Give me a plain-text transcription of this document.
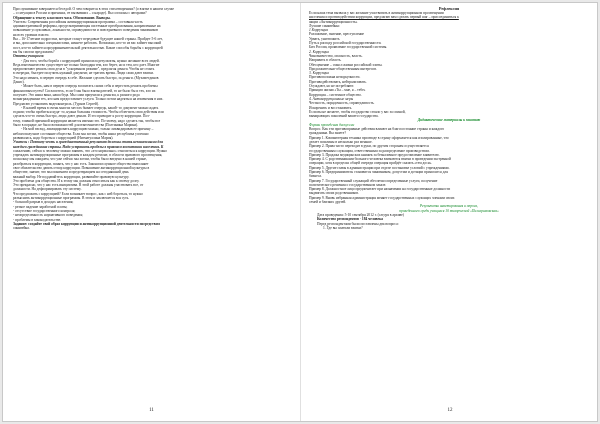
Прослушивание завершается беседой. О чем говорится в этих стихотворениях? (о взятке в нашем случае
– о ситуации в России и причинах, ее вызвавших – о народе). Вы согласны с авторами?
Обращение к тексту классного часа. Обоснование. Выводы.
Учитель: Современная российская антикоррупционная программа – составная часть
административной реформы, предусматривающая системные преобразования, направленные на
повышение услужливых, лояльности, справедливости и повседневного поведения чиновников
на всех уровнях власти.
Вы – 16-17летние подростки, которые станут передовые будущее нашей страны. Пройдет 5-6 лет,
и вы, дополнительно специалистами, начнете работать. Возможно, кто-то из вас займет высокий
пост, кто-то займется предпринимательской деятельностью. Какие способы борьбы с коррупцией
вы бы смогли предложить?
Ответы учащихся:
- Для того, чтобы борьба с коррупцией приносила результаты, нужно желание всех людей.
Ведь взяточничество существует не только благодаря тем, кто берет, но и тем, кто дает. Многие
предпочитают решать свои дела в "ускоренном режиме", предлагая деньги. Чтобы не стоять
в очередях, быстрее получить нужный документ, не тратить время. Люди сами дают взятки.
Это надо менять, в первую очередь в себе. Желание сделать быстро, за деньги. (Мухаметдинов
Данис).
- Может быть, нам в первую очередь воспитать самих себя и перестать решать проблемы
финансовым путем? Согласитесь, если б мы было взяткодателей, то не было бы и тех, кто их
получает. Это наша вина, наша беда. Мы сами приучили к деньгам, к разного рода
вознаграждениям тех, кто нам предоставляет услуги. Только потом надеяться на изменения в них.
Предлагаю установить видеоконтроль. (Гурков Сергей).
- В нашей время в очень многих местах бывает очередь, какой- то документ можно ждать
годами; чтобы пробиться куда- то, нужна большая стоимость. Чтобы облегчить свои действия или
сделать что-то очень быстро, люди дают деньги. И это приводит к росту коррупции. Поэ-
тому, главной причиной коррупции является именно это. По-моему, надо сделать так, чтобы все
было в порядке, не было возможностей для взяточничества (Полтинина Марина).
- На мой взгляд, ликвидировать коррупцию можно, только ликвидировав ее причину –
неблагополучное состояние общества. Если мы хотим, чтобы наша республика успешно
развивалась, надо бороться с коррупцией (Нигматуллина Мария).
Учитель : Поэтому честь и гражданственный результат должны стать независимыми для
каждого гражданина страны. Надо устранить пробелы в правовом воспитании населения. К
сожалению, сейчас к человеку можно заявить, что «это нормально» относиться к коррупции. Нужно
учреждать антикоррупционные программы в каждом регионе, в области правового просвещения,
поскольку мы ожидаем, что уже сейчас мы хотим, чтобы было введено в нашей стране,
разобраться в коррупции, понять, что у нас есть. Законопослушное общество выполняет
свое обязательство давать отпор коррупции. Повышение антикоррупционной культуры в
обществе, значит, что мы понимаем и предотвращаем на сегодняшний день
важный выбор. Не поддавайтесь коррупции, развивайте правовую культуру.
Это проблема для общества. И к этому мы должны относиться как к своему долгу.
Это прекрасно, что у нас есть инициатива. В этой работе должны участвовать все, от
должности. На дефоормировать эту систему.
Что предложить с коррупцией? Если возникает вопрос, как с ней бороться, то нужно
разъяснить антикоррупционные программы. В этом и заключается вся суть.
- большой разрыв в доходах населения;
- резкое падение заработной платы;
- отсутствие государственного контроля;
- неопределенность нормативного поведения;
- проблемы в законодательстве.
Задание: создайте свой образ коррупции и антикоррупционной деятельности посредством
синквейна.
11
Рефлексия
Если наша тема вызвала у вас желание участвовать в антикоррупционном просвещении
населения и противодействии коррупции, предлагаю вам сделать первый шаг – присоединиться к
акции «Антикоррупционность»
Лучшие синквейны:
1.Коррупция
Разложение, гниение, преступление
Урвать, уничтожить
Путь к распаду российской государственности.
Бич России, проявление государственной системы.
2. Коррупция
Чиновничество, опасность, власть.
Направить в область.
Обесценение – смысл жизни российской элиты.
Продолжительно-общественным интересов.
3. Коррупция
Противоположна неподкупности.
Противодействовать, нейтрализовать.
Осуждают, но не истребляют.
Принцип жизни «Ты – мне, я – тебе»
Коррупция – системное общество.
4. Антикоррупционные меры
Честность, порядочность, справедливость.
Искоренить и восстановить.
Если вы не желаете, чтобы государство стояло у вас за спиной,
вымирающих поколений вашего государства.
Дидактические материалы к занятию
Формы проведения дискуссии
Вопрос. Как эти противоправные действия влияют на благосостояние страны и каждого
гражданина. Вы знаете?
Пример 1. Компьютерная техника при вводе в страну оформляется как изолированные, что
делает пошлины в несколько раз меньше.
Пример 2. Права часто переходят в руки, по другим сторонам осуществляется
государственным служащим, ответственным за распределение производством.
Пример 3. Продажа медицинских книжек за безналичное предоставление заявителю.
Пример 4. С родственниками больного человека взимаются взятки в проведении экстренной
операции, хотя в пределах общей очереди операция пройдёт сказать «тем дося».
Пример 5. Другие главы в администрации при отделе постановке условий с учреждениями.
Пример 6. Предприниматель становится чиновником, допустим и дотации приносятся для
бизнеса.
Пример 7. Государственный служащий обеспечил определенные услуги, получение
политического решения о государственном заказе.
Пример 8. Должностное лицо предпочитает при назначении на государственные должности
выдвигать своих родственников.
Пример 9. Вновь избранная администрация меняет государственных служащих членами своих
семей и близких друзей.
Результаты анкетирования и опроса,
проведенного среди учащихся 10 тиворческой «Пилигримовская»
Дата проведения: 5-10 сентября 2012 г. (следуя в архиве)
Количество респондентов - 184 человека
Перед респондентами были поставлены два вопроса:
1. Где вы платили взятки?
12
